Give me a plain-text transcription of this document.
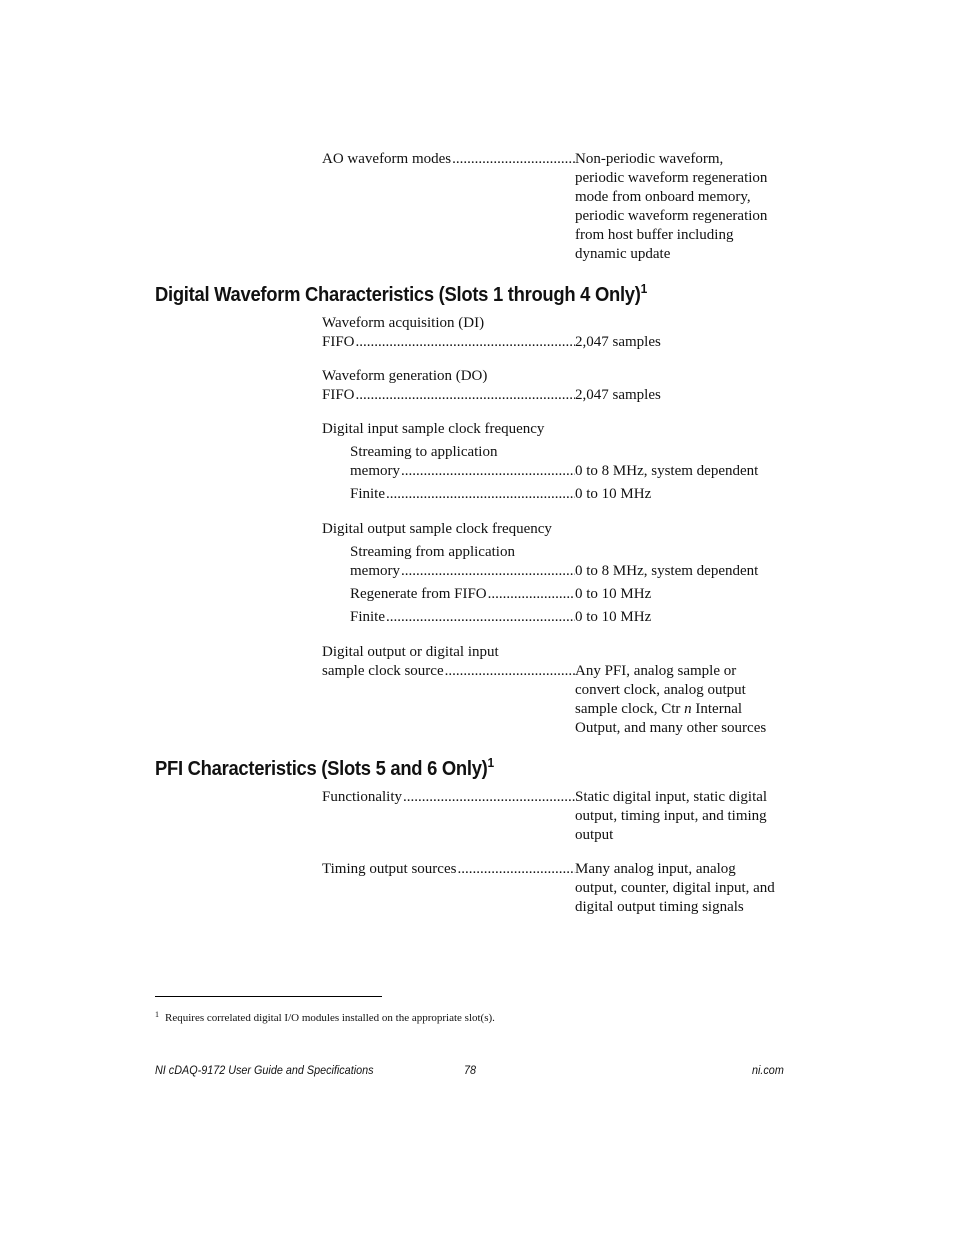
AO waveform modes .....	Non-periodic waveform,
periodic waveform regeneration
mode from onboard memory,
periodic waveform regeneration
from host buffer including
dynamic update
Digital Waveform Characteristics (Slots 1 through 4 Only)$^1$
Waveform acquisition (DI)
FIFO .....	2,047 samples
Waveform generation (DO)
FIFO .....	2,047 samples
Digital input sample clock frequency
Streaming to application
memory .....	0 to 8 MHz, system dependent
Finite .....	0 to 10 MHz
Digital output sample clock frequency
Streaming from application
memory .....	0 to 8 MHz, system dependent
Regenerate from FIFO .....	0 to 10 MHz
Finite .....	0 to 10 MHz
Digital output or digital input
sample clock source .....	Any PFI, analog sample or
convert clock, analog output
sample clock, Ctr n Internal
Output, and many other sources
PFI Characteristics (Slots 5 and 6 Only)$^1$
Functionality .....	Static digital input, static digital
output, timing input, and timing
output
Timing output sources .....	Many analog input, analog
output, counter, digital input, and
digital output timing signals
$^1$ Requires correlated digital I/O modules installed on the appropriate slot(s).
NI cDAQ-9172 User Guide and Specifications	78	ni.com
